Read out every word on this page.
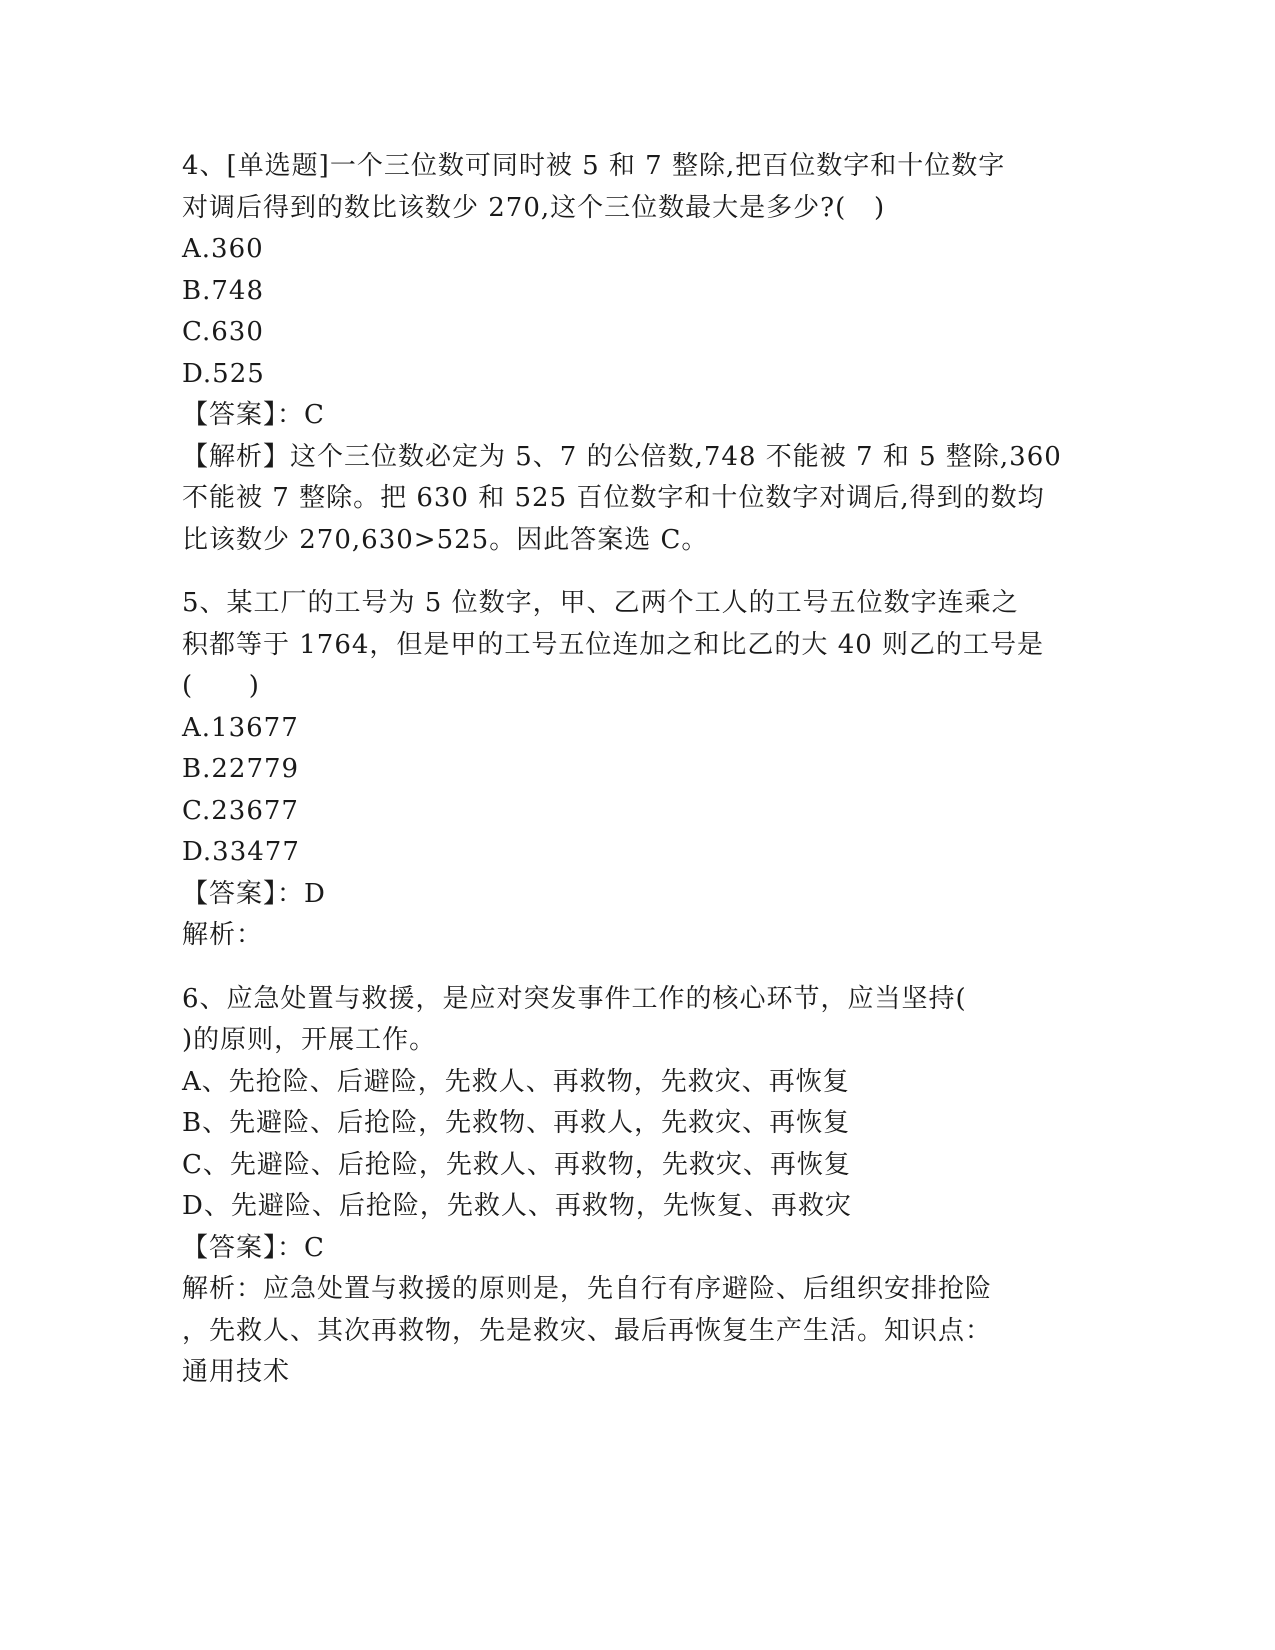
4、[单选题]一个三位数可同时被 5 和 7 整除,把百位数字和十位数字
对调后得到的数比该数少 270,这个三位数最大是多少?(   )
A.360
B.748
C.630
D.525
【答案】：C
【解析】这个三位数必定为 5、7 的公倍数,748 不能被 7 和 5 整除,360
不能被 7 整除。把 630 和 525 百位数字和十位数字对调后,得到的数均
比该数少 270,630>525。因此答案选 C。
5、某工厂的工号为 5 位数字，甲、乙两个工人的工号五位数字连乘之
积都等于 1764，但是甲的工号五位连加之和比乙的大 40 则乙的工号是
(      )
A.13677
B.22779
C.23677
D.33477
【答案】：D
解析：
6、应急处置与救援，是应对突发事件工作的核心环节，应当坚持(
)的原则，开展工作。
A、先抢险、后避险，先救人、再救物，先救灾、再恢复
B、先避险、后抢险，先救物、再救人，先救灾、再恢复
C、先避险、后抢险，先救人、再救物，先救灾、再恢复
D、先避险、后抢险，先救人、再救物，先恢复、再救灾
【答案】：C
解析：应急处置与救援的原则是，先自行有序避险、后组织安排抢险
，先救人、其次再救物，先是救灾、最后再恢复生产生活。知识点：
通用技术
